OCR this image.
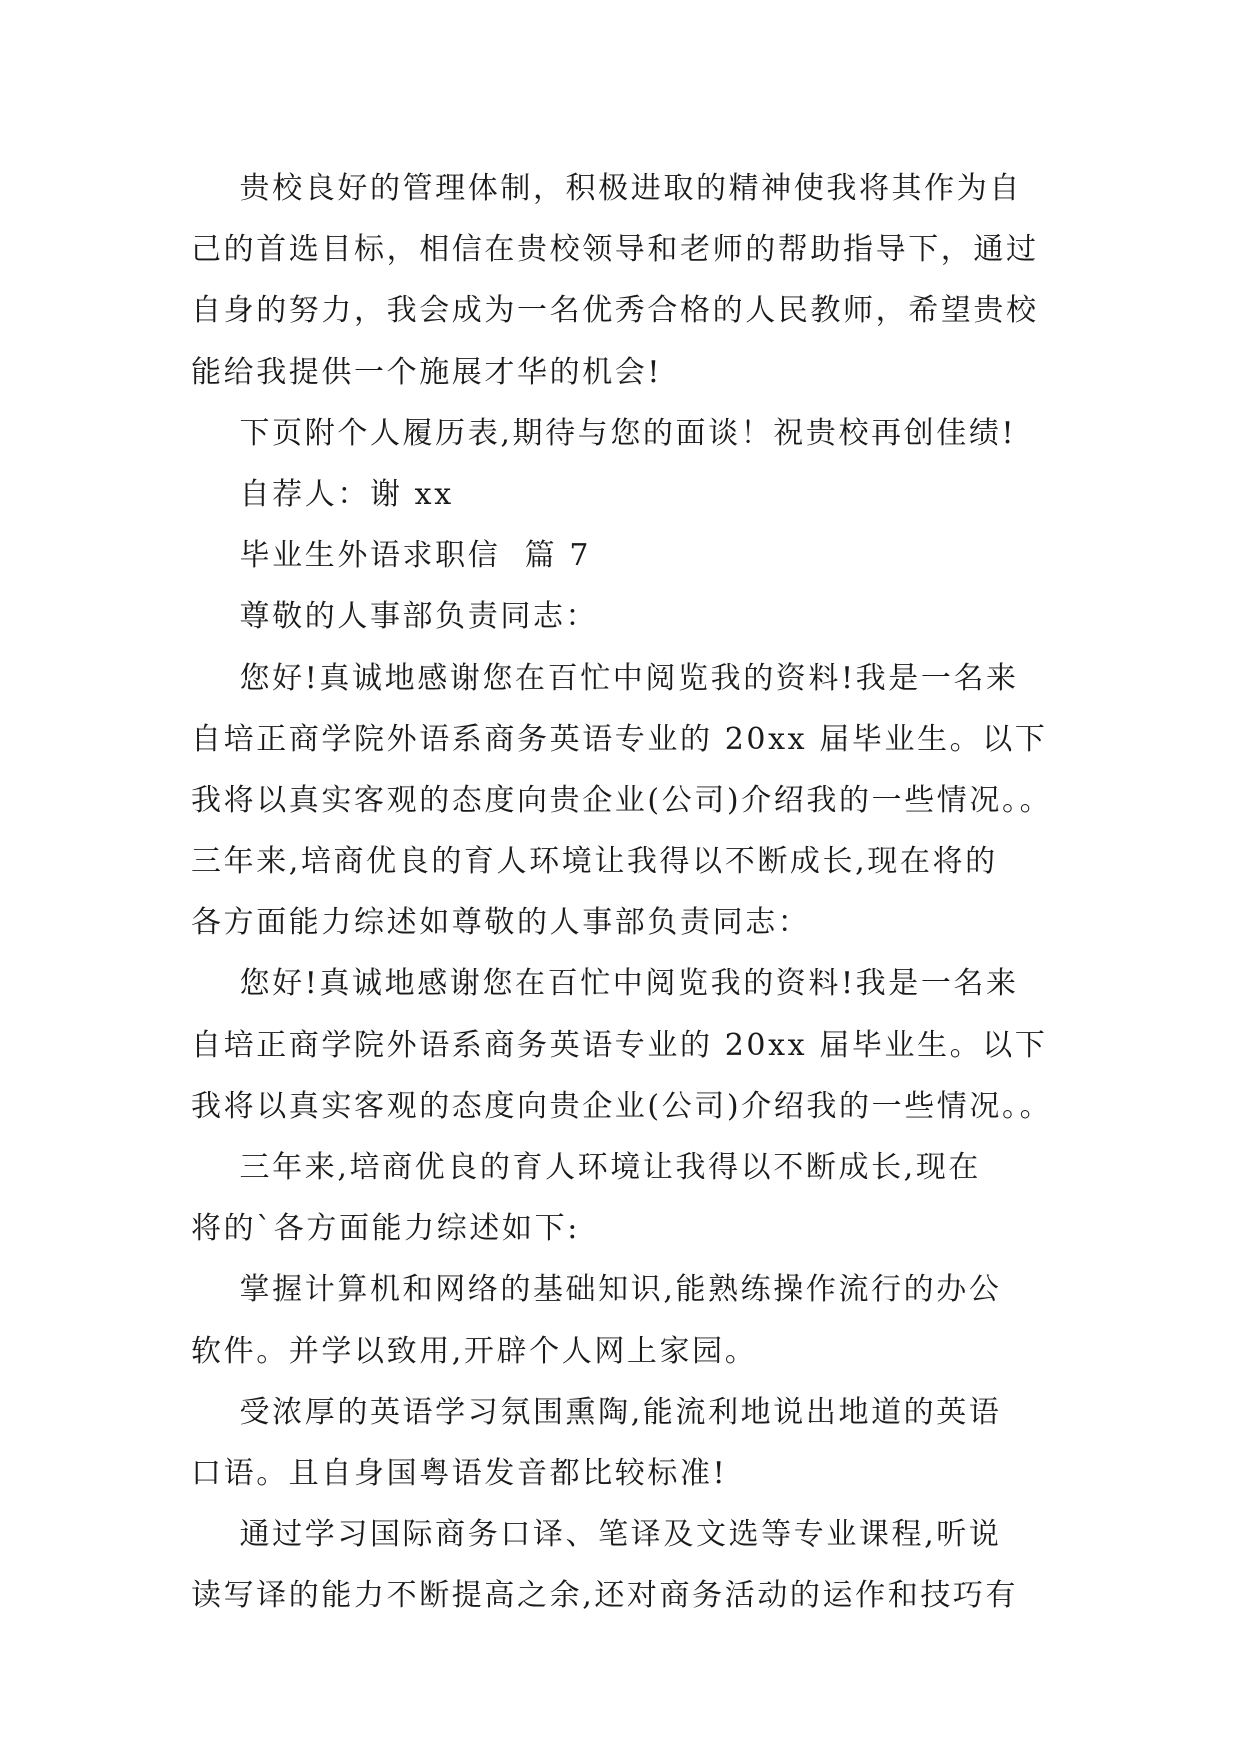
贵校良好的管理体制，积极进取的精神使我将其作为自
己的首选目标，相信在贵校领导和老师的帮助指导下，通过
自身的努力，我会成为一名优秀合格的人民教师，希望贵校
能给我提供一个施展才华的机会!
下页附个人履历表,期待与您的面谈！祝贵校再创佳绩!
自荐人：谢 xx
毕业生外语求职信  篇 7
尊敬的人事部负责同志：
您好!真诚地感谢您在百忙中阅览我的资料!我是一名来
自培正商学院外语系商务英语专业的 20xx 届毕业生。以下
我将以真实客观的态度向贵企业(公司)介绍我的一些情况。。
三年来,培商优良的育人环境让我得以不断成长,现在将的
各方面能力综述如尊敬的人事部负责同志：
您好!真诚地感谢您在百忙中阅览我的资料!我是一名来
自培正商学院外语系商务英语专业的 20xx 届毕业生。以下
我将以真实客观的态度向贵企业(公司)介绍我的一些情况。。
三年来,培商优良的育人环境让我得以不断成长,现在
将的`各方面能力综述如下:
掌握计算机和网络的基础知识,能熟练操作流行的办公
软件。并学以致用,开辟个人网上家园。
受浓厚的英语学习氛围熏陶,能流利地说出地道的英语
口语。且自身国粤语发音都比较标准!
通过学习国际商务口译、笔译及文选等专业课程,听说
读写译的能力不断提高之余,还对商务活动的运作和技巧有
